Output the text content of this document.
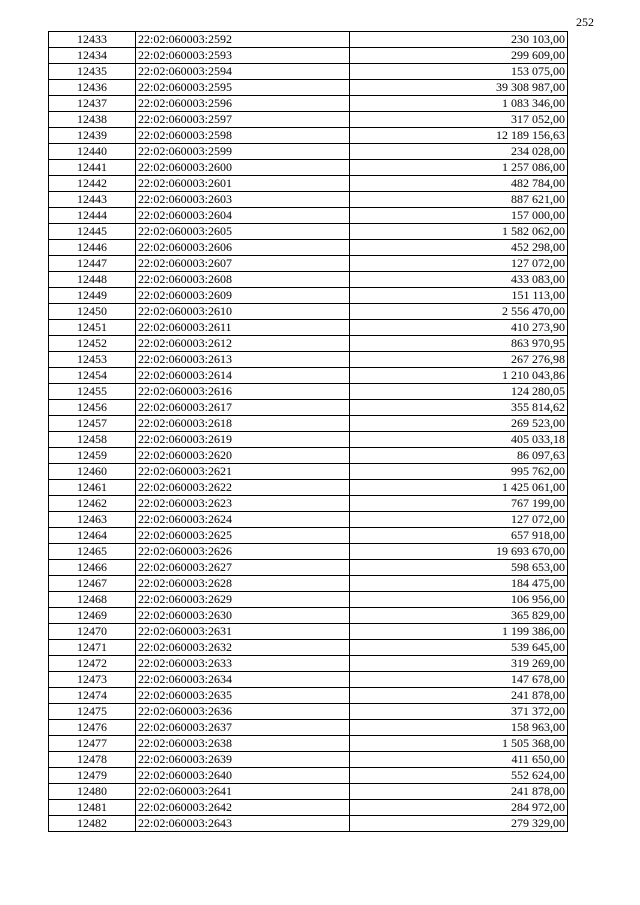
252
12433	22:02:060003:2592	230 103,00
12434	22:02:060003:2593	299 609,00
12435	22:02:060003:2594	153 075,00
12436	22:02:060003:2595	39 308 987,00
12437	22:02:060003:2596	1 083 346,00
12438	22:02:060003:2597	317 052,00
12439	22:02:060003:2598	12 189 156,63
12440	22:02:060003:2599	234 028,00
12441	22:02:060003:2600	1 257 086,00
12442	22:02:060003:2601	482 784,00
12443	22:02:060003:2603	887 621,00
12444	22:02:060003:2604	157 000,00
12445	22:02:060003:2605	1 582 062,00
12446	22:02:060003:2606	452 298,00
12447	22:02:060003:2607	127 072,00
12448	22:02:060003:2608	433 083,00
12449	22:02:060003:2609	151 113,00
12450	22:02:060003:2610	2 556 470,00
12451	22:02:060003:2611	410 273,90
12452	22:02:060003:2612	863 970,95
12453	22:02:060003:2613	267 276,98
12454	22:02:060003:2614	1 210 043,86
12455	22:02:060003:2616	124 280,05
12456	22:02:060003:2617	355 814,62
12457	22:02:060003:2618	269 523,00
12458	22:02:060003:2619	405 033,18
12459	22:02:060003:2620	86 097,63
12460	22:02:060003:2621	995 762,00
12461	22:02:060003:2622	1 425 061,00
12462	22:02:060003:2623	767 199,00
12463	22:02:060003:2624	127 072,00
12464	22:02:060003:2625	657 918,00
12465	22:02:060003:2626	19 693 670,00
12466	22:02:060003:2627	598 653,00
12467	22:02:060003:2628	184 475,00
12468	22:02:060003:2629	106 956,00
12469	22:02:060003:2630	365 829,00
12470	22:02:060003:2631	1 199 386,00
12471	22:02:060003:2632	539 645,00
12472	22:02:060003:2633	319 269,00
12473	22:02:060003:2634	147 678,00
12474	22:02:060003:2635	241 878,00
12475	22:02:060003:2636	371 372,00
12476	22:02:060003:2637	158 963,00
12477	22:02:060003:2638	1 505 368,00
12478	22:02:060003:2639	411 650,00
12479	22:02:060003:2640	552 624,00
12480	22:02:060003:2641	241 878,00
12481	22:02:060003:2642	284 972,00
12482	22:02:060003:2643	279 329,00
